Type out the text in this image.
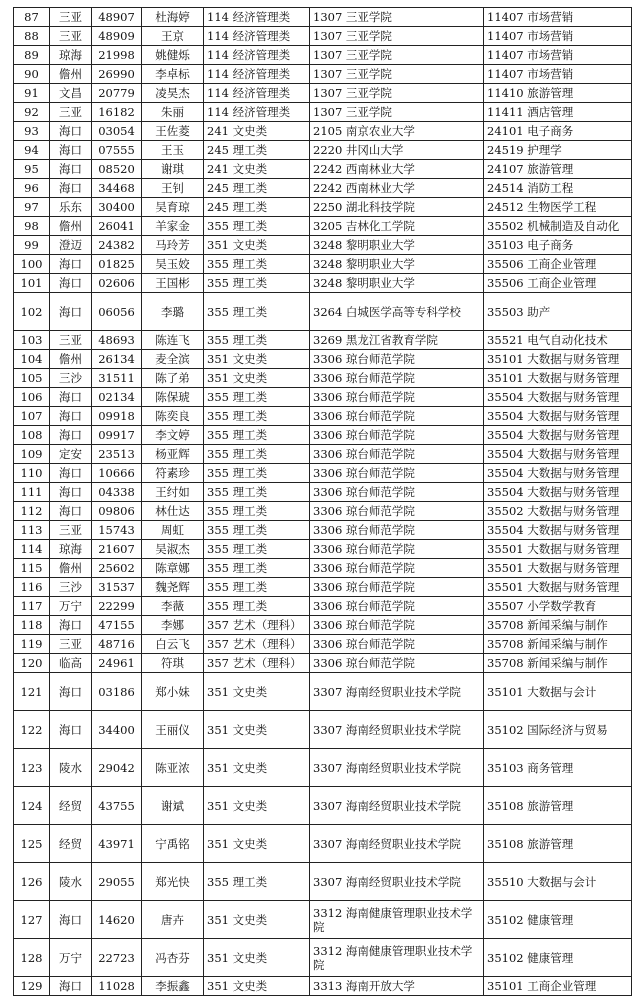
87	三亚	48907	杜海婷	114 经济管理类	1307 三亚学院	11407 市场营销
88	三亚	48909	王京	114 经济管理类	1307 三亚学院	11407 市场营销
89	琼海	21998	姚健烁	114 经济管理类	1307 三亚学院	11407 市场营销
90	儋州	26990	李卓标	114 经济管理类	1307 三亚学院	11407 市场营销
91	文昌	20779	凌昊杰	114 经济管理类	1307 三亚学院	11410 旅游管理
92	三亚	16182	朱丽	114 经济管理类	1307 三亚学院	11411 酒店管理
93	海口	03054	王佐菱	241 文史类	2105 南京农业大学	24101 电子商务
94	海口	07555	王玉	245 理工类	2220 井冈山大学	24519 护理学
95	海口	08520	谢琪	241 文史类	2242 西南林业大学	24107 旅游管理
96	海口	34468	王钊	245 理工类	2242 西南林业大学	24514 消防工程
97	乐东	30400	吴育琼	245 理工类	2250 湖北科技学院	24512 生物医学工程
98	儋州	26041	羊家金	355 理工类	3205 吉林化工学院	35502 机械制造及自动化
99	澄迈	24382	马玲芳	351 文史类	3248 黎明职业大学	35103 电子商务
100	海口	01825	吴玉姣	355 理工类	3248 黎明职业大学	35506 工商企业管理
101	海口	02606	王国彬	355 理工类	3248 黎明职业大学	35506 工商企业管理
102	海口	06056	李璐	355 理工类	3264 白城医学高等专科学校	35503 助产
103	三亚	48693	陈连飞	355 理工类	3269 黑龙江省教育学院	35521 电气自动化技术
104	儋州	26134	麦全滨	351 文史类	3306 琼台师范学院	35101 大数据与财务管理
105	三沙	31511	陈了弟	351 文史类	3306 琼台师范学院	35101 大数据与财务管理
106	海口	02134	陈保琥	355 理工类	3306 琼台师范学院	35504 大数据与财务管理
107	海口	09918	陈奕良	355 理工类	3306 琼台师范学院	35504 大数据与财务管理
108	海口	09917	李文婷	355 理工类	3306 琼台师范学院	35504 大数据与财务管理
109	定安	23513	杨亚辉	355 理工类	3306 琼台师范学院	35504 大数据与财务管理
110	海口	10666	符素珍	355 理工类	3306 琼台师范学院	35504 大数据与财务管理
111	海口	04338	王纣如	355 理工类	3306 琼台师范学院	35504 大数据与财务管理
112	海口	09806	林仕达	355 理工类	3306 琼台师范学院	35502 大数据与财务管理
113	三亚	15743	周虹	355 理工类	3306 琼台师范学院	35504 大数据与财务管理
114	琼海	21607	吴淑杰	355 理工类	3306 琼台师范学院	35501 大数据与财务管理
115	儋州	25602	陈章娜	355 理工类	3306 琼台师范学院	35501 大数据与财务管理
116	三沙	31537	魏尧辉	355 理工类	3306 琼台师范学院	35501 大数据与财务管理
117	万宁	22299	李薇	355 理工类	3306 琼台师范学院	35507 小学数学教育
118	海口	47155	李娜	357 艺术（理科）	3306 琼台师范学院	35708 新闻采编与制作
119	三亚	48716	白云飞	357 艺术（理科）	3306 琼台师范学院	35708 新闻采编与制作
120	临高	24961	符琪	357 艺术（理科）	3306 琼台师范学院	35708 新闻采编与制作
121	海口	03186	郑小妹	351 文史类	3307 海南经贸职业技术学院	35101 大数据与会计
122	海口	34400	王丽仪	351 文史类	3307 海南经贸职业技术学院	35102 国际经济与贸易
123	陵水	29042	陈亚浓	351 文史类	3307 海南经贸职业技术学院	35103 商务管理
124	经贸	43755	谢斌	351 文史类	3307 海南经贸职业技术学院	35108 旅游管理
125	经贸	43971	宁禹铭	351 文史类	3307 海南经贸职业技术学院	35108 旅游管理
126	陵水	29055	郑光快	355 理工类	3307 海南经贸职业技术学院	35510 大数据与会计
127	海口	14620	唐卉	351 文史类	3312 海南健康管理职业技术学院	35102 健康管理
128	万宁	22723	冯杏芬	351 文史类	3312 海南健康管理职业技术学院	35102 健康管理
129	海口	11028	李振鑫	351 文史类	3313 海南开放大学	35101 工商企业管理
